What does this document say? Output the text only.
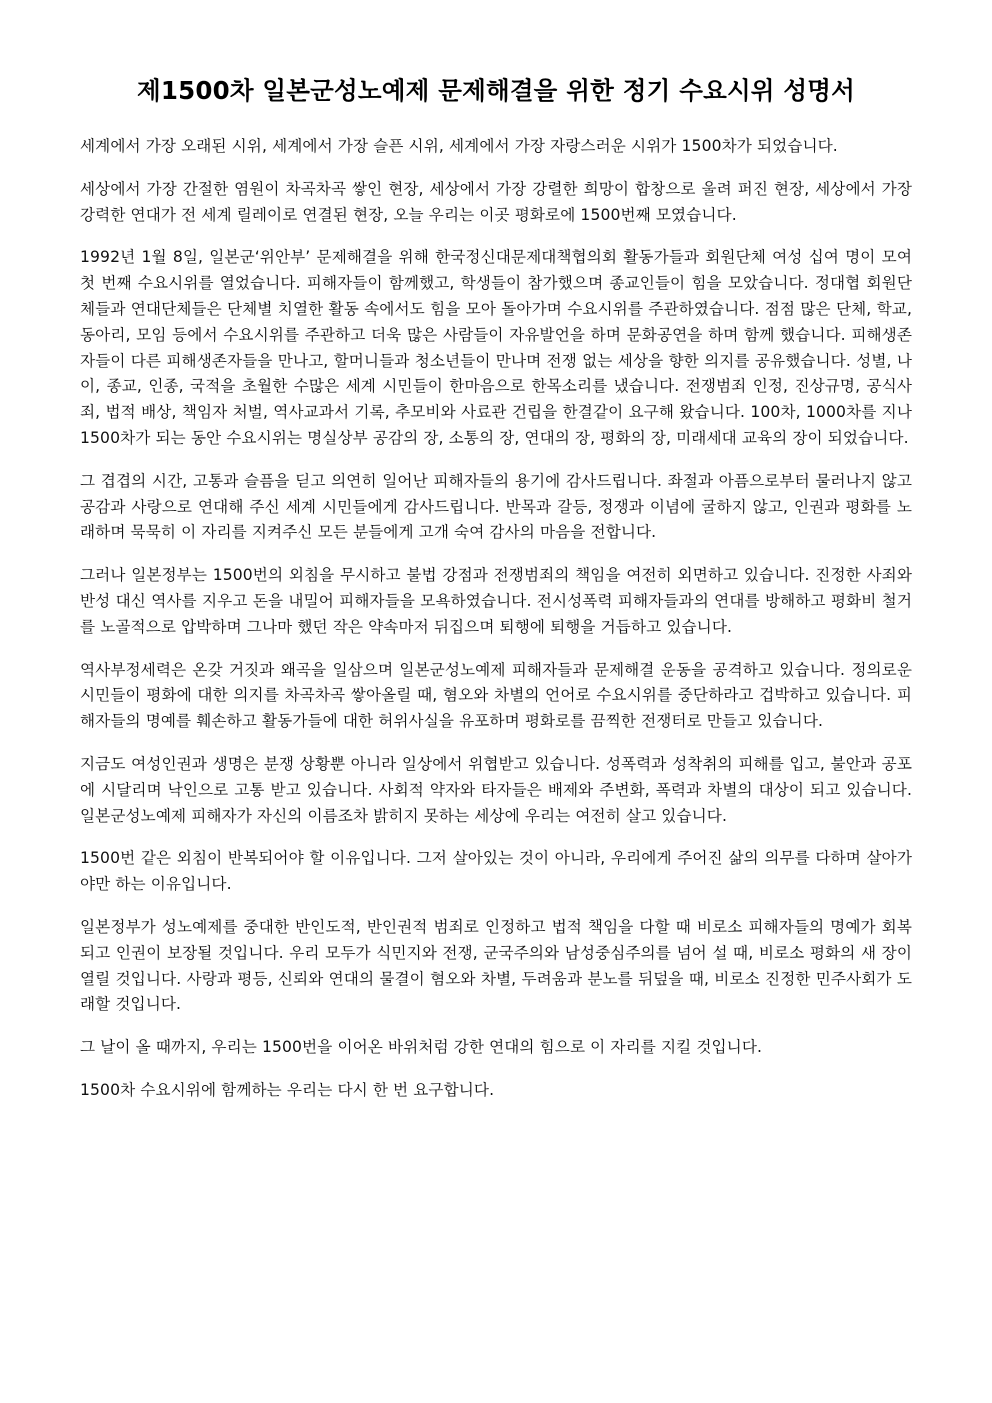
제1500차 일본군성노예제 문제해결을 위한 정기 수요시위 성명서

세계에서 가장 오래된 시위, 세계에서 가장 슬픈 시위, 세계에서 가장 자랑스러운 시위가 1500차가 되었습니다.

세상에서 가장 간절한 염원이 차곡차곡 쌓인 현장, 세상에서 가장 강렬한 희망이 합창으로 울려 퍼진 현장, 세상에서 가장 강력한 연대가 전 세계 릴레이로 연결된 현장, 오늘 우리는 이곳 평화로에 1500번째 모였습니다.

1992년 1월 8일, 일본군‘위안부’ 문제해결을 위해 한국정신대문제대책협의회 활동가들과 회원단체 여성 십여 명이 모여 첫 번째 수요시위를 열었습니다. 피해자들이 함께했고, 학생들이 참가했으며 종교인들이 힘을 모았습니다. 정대협 회원단체들과 연대단체들은 단체별 치열한 활동 속에서도 힘을 모아 돌아가며 수요시위를 주관하였습니다. 점점 많은 단체, 학교, 동아리, 모임 등에서 수요시위를 주관하고 더욱 많은 사람들이 자유발언을 하며 문화공연을 하며 함께 했습니다. 피해생존자들이 다른 피해생존자들을 만나고, 할머니들과 청소년들이 만나며 전쟁 없는 세상을 향한 의지를 공유했습니다. 성별, 나이, 종교, 인종, 국적을 초월한 수많은 세계 시민들이 한마음으로 한목소리를 냈습니다. 전쟁범죄 인정, 진상규명, 공식사죄, 법적 배상, 책임자 처벌, 역사교과서 기록, 추모비와 사료관 건립을 한결같이 요구해 왔습니다. 100차, 1000차를 지나 1500차가 되는 동안 수요시위는 명실상부 공감의 장, 소통의 장, 연대의 장, 평화의 장, 미래세대 교육의 장이 되었습니다.

그 겹겹의 시간, 고통과 슬픔을 딛고 의연히 일어난 피해자들의 용기에 감사드립니다. 좌절과 아픔으로부터 물러나지 않고 공감과 사랑으로 연대해 주신 세계 시민들에게 감사드립니다. 반목과 갈등, 정쟁과 이념에 굴하지 않고, 인권과 평화를 노래하며 묵묵히 이 자리를 지켜주신 모든 분들에게 고개 숙여 감사의 마음을 전합니다.

그러나 일본정부는 1500번의 외침을 무시하고 불법 강점과 전쟁범죄의 책임을 여전히 외면하고 있습니다. 진정한 사죄와 반성 대신 역사를 지우고 돈을 내밀어 피해자들을 모욕하였습니다. 전시성폭력 피해자들과의 연대를 방해하고 평화비 철거를 노골적으로 압박하며 그나마 했던 작은 약속마저 뒤집으며 퇴행에 퇴행을 거듭하고 있습니다.

역사부정세력은 온갖 거짓과 왜곡을 일삼으며 일본군성노예제 피해자들과 문제해결 운동을 공격하고 있습니다. 정의로운 시민들이 평화에 대한 의지를 차곡차곡 쌓아올릴 때, 혐오와 차별의 언어로 수요시위를 중단하라고 겁박하고 있습니다. 피해자들의 명예를 훼손하고 활동가들에 대한 허위사실을 유포하며 평화로를 끔찍한 전쟁터로 만들고 있습니다.

지금도 여성인권과 생명은 분쟁 상황뿐 아니라 일상에서 위협받고 있습니다. 성폭력과 성착취의 피해를 입고, 불안과 공포에 시달리며 낙인으로 고통 받고 있습니다. 사회적 약자와 타자들은 배제와 주변화, 폭력과 차별의 대상이 되고 있습니다. 일본군성노예제 피해자가 자신의 이름조차 밝히지 못하는 세상에 우리는 여전히 살고 있습니다.

1500번 같은 외침이 반복되어야 할 이유입니다. 그저 살아있는 것이 아니라, 우리에게 주어진 삶의 의무를 다하며 살아가야만 하는 이유입니다.

일본정부가 성노예제를 중대한 반인도적, 반인권적 범죄로 인정하고 법적 책임을 다할 때 비로소 피해자들의 명예가 회복되고 인권이 보장될 것입니다. 우리 모두가 식민지와 전쟁, 군국주의와 남성중심주의를 넘어 설 때, 비로소 평화의 새 장이 열릴 것입니다. 사랑과 평등, 신뢰와 연대의 물결이 혐오와 차별, 두려움과 분노를 뒤덮을 때, 비로소 진정한 민주사회가 도래할 것입니다.

그 날이 올 때까지, 우리는 1500번을 이어온 바위처럼 강한 연대의 힘으로 이 자리를 지킬 것입니다.

1500차 수요시위에 함께하는 우리는 다시 한 번 요구합니다.
